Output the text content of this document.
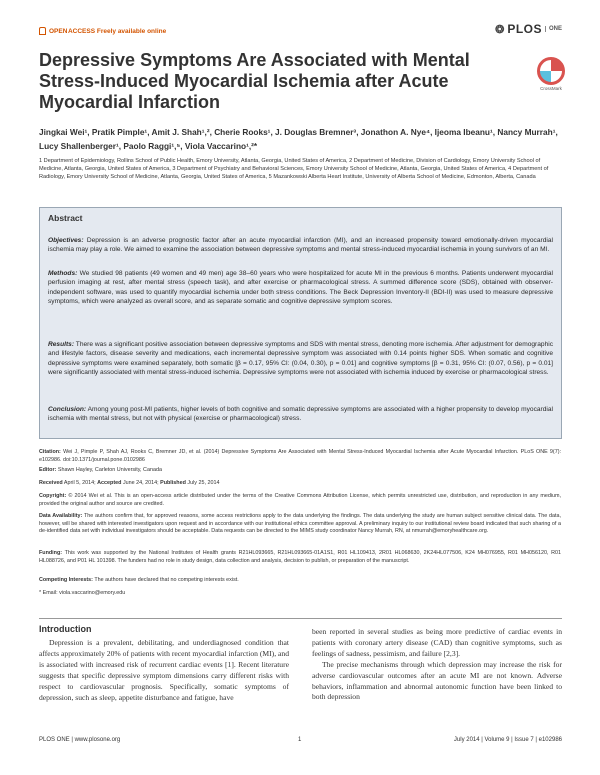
OPEN ACCESS Freely available online	❂ PLOS	ONE
CrossMark
Depressive Symptoms Are Associated with Mental Stress-Induced Myocardial Ischemia after Acute Myocardial Infarction
Jingkai Wei¹, Pratik Pimple¹, Amit J. Shah¹,², Cherie Rooks¹, J. Douglas Bremner³, Jonathon A. Nye⁴, Ijeoma Ibeanu¹, Nancy Murrah¹, Lucy Shallenberger¹, Paolo Raggi¹,⁵, Viola Vaccarino¹,²*
1 Department of Epidemiology, Rollins School of Public Health, Emory University, Atlanta, Georgia, United States of America, 2 Department of Medicine, Division of Cardiology, Emory University School of Medicine, Atlanta, Georgia, United States of America, 3 Department of Psychiatry and Behavioral Sciences, Emory University School of Medicine, Atlanta, Georgia, United States of America, 4 Department of Radiology, Emory University School of Medicine, Atlanta, Georgia, United States of America, 5 Mazankowski Alberta Heart Institute, University of Alberta School of Medicine, Edmonton, Alberta, Canada
Abstract
Objectives: Depression is an adverse prognostic factor after an acute myocardial infarction (MI), and an increased propensity toward emotionally-driven myocardial ischemia may play a role. We aimed to examine the association between depressive symptoms and mental stress-induced myocardial ischemia in young survivors of an MI.
Methods: We studied 98 patients (49 women and 49 men) age 38–60 years who were hospitalized for acute MI in the previous 6 months. Patients underwent myocardial perfusion imaging at rest, after mental stress (speech task), and after exercise or pharmacological stress. A summed difference score (SDS), obtained with observer-independent software, was used to quantify myocardial ischemia under both stress conditions. The Beck Depression Inventory-II (BDI-II) was used to measure depressive symptoms, which were analyzed as overall score, and as separate somatic and cognitive depressive symptom scores.
Results: There was a significant positive association between depressive symptoms and SDS with mental stress, denoting more ischemia. After adjustment for demographic and lifestyle factors, disease severity and medications, each incremental depressive symptom was associated with 0.14 points higher SDS. When somatic and cognitive depressive symptoms were examined separately, both somatic [β = 0.17, 95% CI: (0.04, 0.30), p = 0.01] and cognitive symptoms [β = 0.31, 95% CI: (0.07, 0.56), p = 0.01] were significantly associated with mental stress-induced ischemia. Depressive symptoms were not associated with ischemia induced by exercise or pharmacological stress.
Conclusion: Among young post-MI patients, higher levels of both cognitive and somatic depressive symptoms are associated with a higher propensity to develop myocardial ischemia with mental stress, but not with physical (exercise or pharmacological) stress.
Citation: Wei J, Pimple P, Shah AJ, Rooks C, Bremner JD, et al. (2014) Depressive Symptoms Are Associated with Mental Stress-Induced Myocardial Ischemia after Acute Myocardial Infarction. PLoS ONE 9(7): e102986. doi:10.1371/journal.pone.0102986
Editor: Shawn Hayley, Carleton University, Canada
Received April 5, 2014; Accepted June 24, 2014; Published July 25, 2014
Copyright: © 2014 Wei et al. This is an open-access article distributed under the terms of the Creative Commons Attribution License, which permits unrestricted use, distribution, and reproduction in any medium, provided the original author and source are credited.
Data Availability: The authors confirm that, for approved reasons, some access restrictions apply to the data underlying the findings. The data underlying the study are human subject sensitive clinical data. The data, however, will be shared with interested investigators upon request and in accordance with our institutional ethics committee approval. A preliminary inquiry to our institutional review board indicated that such sharing of a de-identified data set with individual investigators should be acceptable. Data requests can be directed to the MIMS study coordinator Nancy Murrah, RN, at nmurrah@emoryhealthcare.org.
Funding: This work was supported by the National Institutes of Health grants R21HL093665, R21HL093665-01A1S1, R01 HL109413, 2R01 HL068630, 2K24HL077506, K24 MH076955, R01 MH056120, R01 HL088726, and P01 HL 101398. The funders had no role in study design, data collection and analysis, decision to publish, or preparation of the manuscript.
Competing Interests: The authors have declared that no competing interests exist.
* Email: viola.vaccarino@emory.edu
Introduction

Depression is a prevalent, debilitating, and underdiagnosed condition that affects approximately 20% of patients with recent myocardial infarction (MI), and is associated with increased risk of recurrent cardiac events [1]. Recent literature suggests that specific depressive symptom dimensions carry different risks with respect to cardiovascular prognosis. Specifically, somatic symptoms of depression, such as sleep, appetite disturbance and fatigue, have

been reported in several studies as being more predictive of cardiac events in patients with coronary artery disease (CAD) than cognitive symptoms, such as feelings of sadness, pessimism, and failure [2,3].

The precise mechanisms through which depression may increase the risk for adverse cardiovascular outcomes after an acute MI are not known. Adverse behaviors, inflammation and abnormal autonomic function have been linked to both depression

PLOS ONE | www.plosone.org	1	July 2014 | Volume 9 | Issue 7 | e102986
